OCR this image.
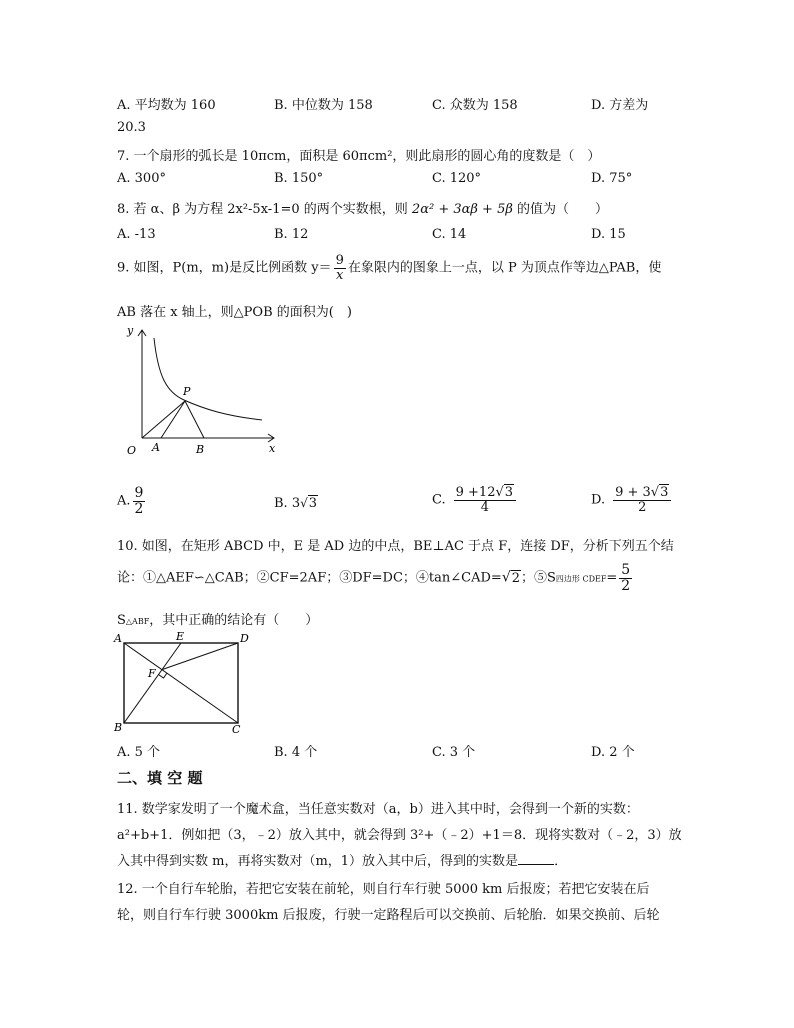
A. 平均数为 160	B. 中位数为 158	C. 众数为 158	D. 方差为
20.3
7. 一个扇形的弧长是 10πcm，面积是 60πcm²，则此扇形的圆心角的度数是（　）
A. 300°	B. 150°	C. 120°	D. 75°
8. 若 α、β 为方程 2x²-5x-1=0 的两个实数根，则 2α² + 3αβ + 5β 的值为（　　）
A. -13	B. 12	C. 14	D. 15
9. 如图，P(m，m)是反比例函数 $y= \frac{9}{x}$ 在象限内的图象上一点，以 P 为顶点作等边△PAB，使
AB 落在 x 轴上，则△POB 的面积为(　)
y
x
O A	B
P
A. $\frac{9}{2}$	B. 3√3	C. $\frac{9 +12√3}{4}$	D. $\frac{9 + 3√3}{2}$
10. 如图，在矩形 ABCD 中，E 是 AD 边的中点，BE⊥AC 于点 F，连接 DF，分析下列五个结
论：①△AEF∽△CAB；②CF=2AF；③DF=DC；④tan∠CAD=√2；⑤S四边形 CDEF= $\frac{5}{2}$
S△ABF，其中正确的结论有（　　）
A	E	D
F
B	C
A. 5 个	B. 4 个	C. 3 个	D. 2 个
二、填 空 题
11. 数学家发明了一个魔术盒，当任意实数对（a，b）进入其中时，会得到一个新的实数：
a²+b+1．例如把（3，﹣2）放入其中，就会得到 3²+（﹣2）+1＝8．现将实数对（﹣2，3）放
入其中得到实数 m，再将实数对（m，1）放入其中后，得到的实数是	．
12. 一个自行车轮胎，若把它安装在前轮，则自行车行驶 5000 km 后报废；若把它安装在后
轮，则自行车行驶 3000km 后报废，行驶一定路程后可以交换前、后轮胎．如果交换前、后轮
